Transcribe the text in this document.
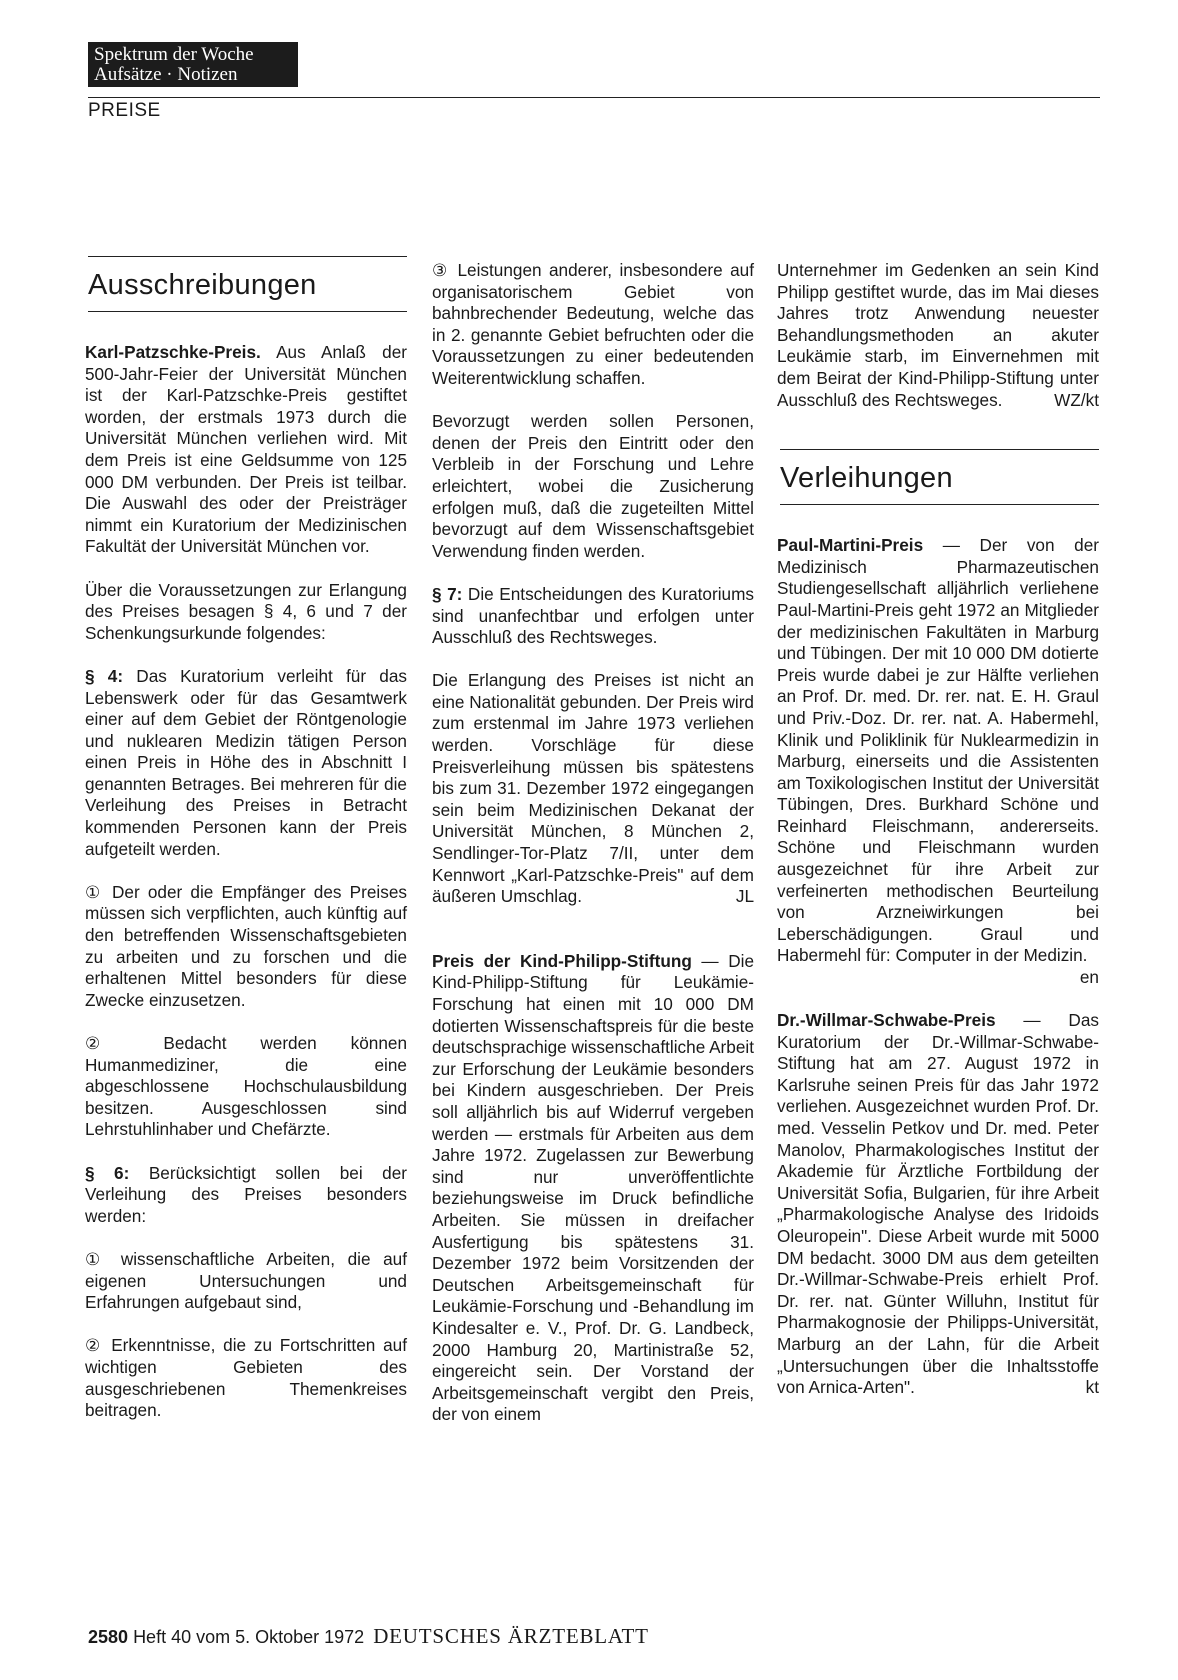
Spektrum der Woche
Aufsätze · Notizen
PREISE
Ausschreibungen

Karl-Patzschke-Preis. Aus Anlaß der 500-Jahr-Feier der Universität München ist der Karl-Patzschke-Preis gestiftet worden, der erstmals 1973 durch die Universität München verliehen wird. Mit dem Preis ist eine Geldsumme von 125 000 DM verbunden. Der Preis ist teilbar. Die Auswahl des oder der Preisträger nimmt ein Kuratorium der Medizinischen Fakultät der Universität München vor.

Über die Voraussetzungen zur Erlangung des Preises besagen § 4, 6 und 7 der Schenkungsurkunde folgendes:

§ 4: Das Kuratorium verleiht für das Lebenswerk oder für das Gesamtwerk einer auf dem Gebiet der Röntgenologie und nuklearen Medizin tätigen Person einen Preis in Höhe des in Abschnitt I genannten Betrages. Bei mehreren für die Verleihung des Preises in Betracht kommenden Personen kann der Preis aufgeteilt werden.

① Der oder die Empfänger des Preises müssen sich verpflichten, auch künftig auf den betreffenden Wissenschaftsgebieten zu arbeiten und zu forschen und die erhaltenen Mittel besonders für diese Zwecke einzusetzen.

② Bedacht werden können Humanmediziner, die eine abgeschlossene Hochschulausbildung besitzen. Ausgeschlossen sind Lehrstuhlinhaber und Chefärzte.

§ 6: Berücksichtigt sollen bei der Verleihung des Preises besonders werden:

① wissenschaftliche Arbeiten, die auf eigenen Untersuchungen und Erfahrungen aufgebaut sind,

② Erkenntnisse, die zu Fortschritten auf wichtigen Gebieten des ausgeschriebenen Themenkreises beitragen.

③ Leistungen anderer, insbesondere auf organisatorischem Gebiet von bahnbrechender Bedeutung, welche das in 2. genannte Gebiet befruchten oder die Voraussetzungen zu einer bedeutenden Weiterentwicklung schaffen.

Bevorzugt werden sollen Personen, denen der Preis den Eintritt oder den Verbleib in der Forschung und Lehre erleichtert, wobei die Zusicherung erfolgen muß, daß die zugeteilten Mittel bevorzugt auf dem Wissenschaftsgebiet Verwendung finden werden.

§ 7: Die Entscheidungen des Kuratoriums sind unanfechtbar und erfolgen unter Ausschluß des Rechtsweges.

Die Erlangung des Preises ist nicht an eine Nationalität gebunden. Der Preis wird zum erstenmal im Jahre 1973 verliehen werden. Vorschläge für diese Preisverleihung müssen bis spätestens bis zum 31. Dezember 1972 eingegangen sein beim Medizinischen Dekanat der Universität München, 8 München 2, Sendlinger-Tor-Platz 7/II, unter dem Kennwort „Karl-Patzschke-Preis" auf dem äußeren Umschlag.	JL

Preis der Kind-Philipp-Stiftung — Die Kind-Philipp-Stiftung für Leukämie-Forschung hat einen mit 10 000 DM dotierten Wissenschaftspreis für die beste deutschsprachige wissenschaftliche Arbeit zur Erforschung der Leukämie besonders bei Kindern ausgeschrieben. Der Preis soll alljährlich bis auf Widerruf vergeben werden — erstmals für Arbeiten aus dem Jahre 1972. Zugelassen zur Bewerbung sind nur unveröffentlichte beziehungsweise im Druck befindliche Arbeiten. Sie müssen in dreifacher Ausfertigung bis spätestens 31. Dezember 1972 beim Vorsitzenden der Deutschen Arbeitsgemeinschaft für Leukämie-Forschung und -Behandlung im Kindesalter e. V., Prof. Dr. G. Landbeck, 2000 Hamburg 20, Martinistraße 52, eingereicht sein. Der Vorstand der Arbeitsgemeinschaft vergibt den Preis, der von einem

Unternehmer im Gedenken an sein Kind Philipp gestiftet wurde, das im Mai dieses Jahres trotz Anwendung neuester Behandlungsmethoden an akuter Leukämie starb, im Einvernehmen mit dem Beirat der Kind-Philipp-Stiftung unter Ausschluß des Rechtsweges.	WZ/kt

Verleihungen

Paul-Martini-Preis — Der von der Medizinisch Pharmazeutischen Studiengesellschaft alljährlich verliehene Paul-Martini-Preis geht 1972 an Mitglieder der medizinischen Fakultäten in Marburg und Tübingen. Der mit 10 000 DM dotierte Preis wurde dabei je zur Hälfte verliehen an Prof. Dr. med. Dr. rer. nat. E. H. Graul und Priv.-Doz. Dr. rer. nat. A. Habermehl, Klinik und Poliklinik für Nuklearmedizin in Marburg, einerseits und die Assistenten am Toxikologischen Institut der Universität Tübingen, Dres. Burkhard Schöne und Reinhard Fleischmann, andererseits. Schöne und Fleischmann wurden ausgezeichnet für ihre Arbeit zur verfeinerten methodischen Beurteilung von Arzneiwirkungen bei Leberschädigungen. Graul und Habermehl für: Computer in der Medizin.
en

Dr.-Willmar-Schwabe-Preis — Das Kuratorium der Dr.-Willmar-Schwabe-Stiftung hat am 27. August 1972 in Karlsruhe seinen Preis für das Jahr 1972 verliehen. Ausgezeichnet wurden Prof. Dr. med. Vesselin Petkov und Dr. med. Peter Manolov, Pharmakologisches Institut der Akademie für Ärztliche Fortbildung der Universität Sofia, Bulgarien, für ihre Arbeit „Pharmakologische Analyse des Iridoids Oleuropein". Diese Arbeit wurde mit 5000 DM bedacht. 3000 DM aus dem geteilten Dr.-Willmar-Schwabe-Preis erhielt Prof. Dr. rer. nat. Günter Willuhn, Institut für Pharmakognosie der Philipps-Universität, Marburg an der Lahn, für die Arbeit „Untersuchungen über die Inhaltsstoffe von Arnica-Arten".	kt

2580 Heft 40 vom 5. Oktober 1972 DEUTSCHES ÄRZTEBLATT
